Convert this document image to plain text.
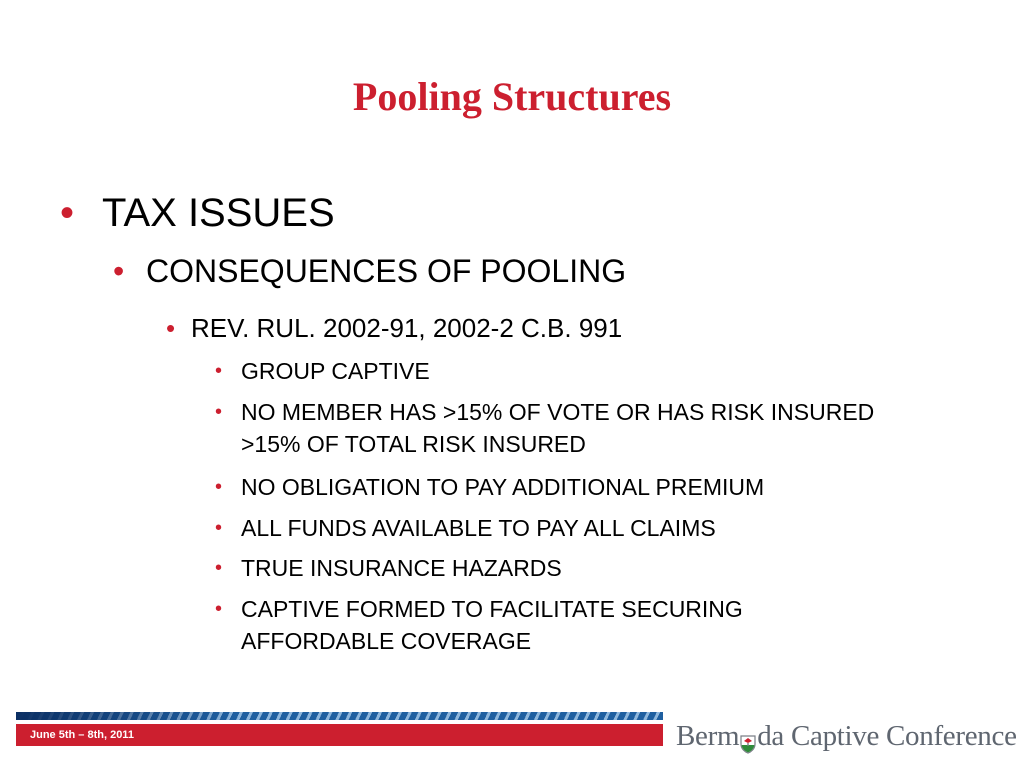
Pooling Structures
• TAX ISSUES
• CONSEQUENCES OF POOLING
• REV. RUL. 2002-91, 2002-2 C.B. 991
• GROUP CAPTIVE
• NO MEMBER HAS >15% OF VOTE OR HAS RISK INSURED >15% OF TOTAL RISK INSURED
• NO OBLIGATION TO PAY ADDITIONAL PREMIUM
• ALL FUNDS AVAILABLE TO PAY ALL CLAIMS
• TRUE INSURANCE HAZARDS
• CAPTIVE FORMED TO FACILITATE SECURING AFFORDABLE COVERAGE
June 5th – 8th, 2011	Berm da Captive Conference
